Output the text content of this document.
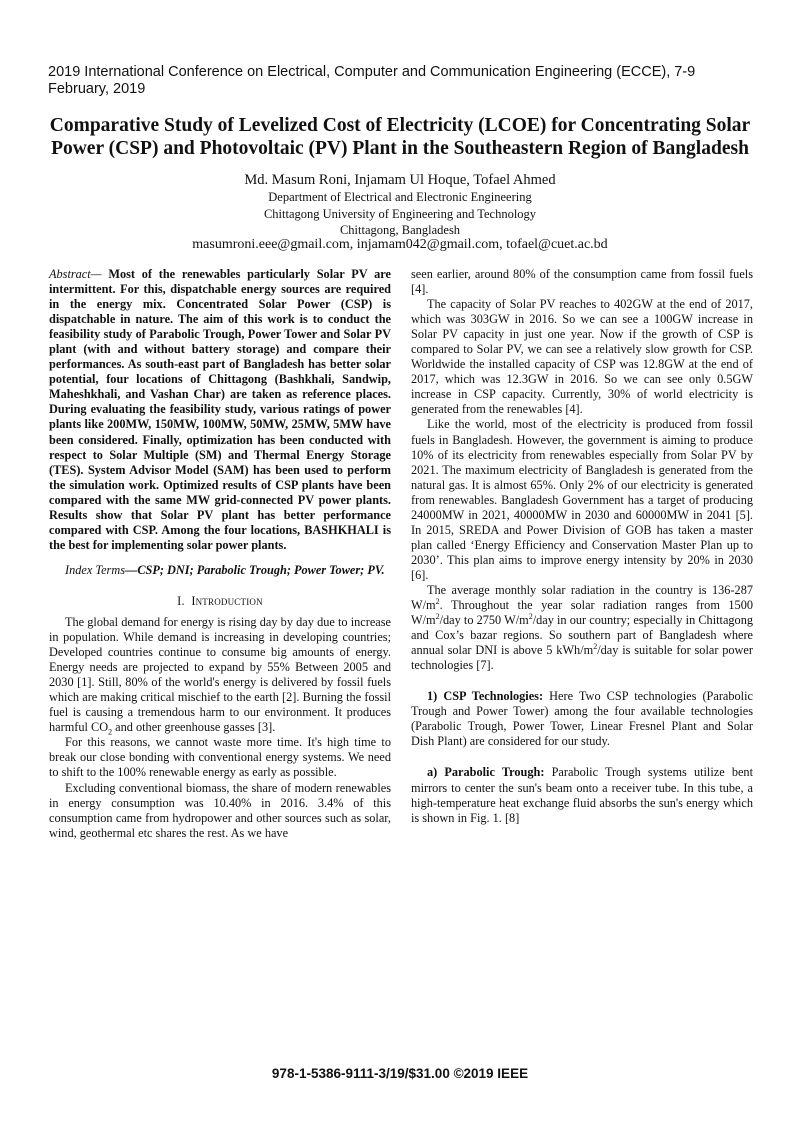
2019 International Conference on Electrical, Computer and Communication Engineering (ECCE), 7-9 February, 2019
Comparative Study of Levelized Cost of Electricity (LCOE) for Concentrating Solar Power (CSP) and Photovoltaic (PV) Plant in the Southeastern Region of Bangladesh
Md. Masum Roni, Injamam Ul Hoque, Tofael Ahmed
Department of Electrical and Electronic Engineering
Chittagong University of Engineering and Technology
Chittagong, Bangladesh
masumroni.eee@gmail.com, injamam042@gmail.com, tofael@cuet.ac.bd

Abstract— Most of the renewables particularly Solar PV are intermittent. For this, dispatchable energy sources are required in the energy mix. Concentrated Solar Power (CSP) is dispatchable in nature. The aim of this work is to conduct the feasibility study of Parabolic Trough, Power Tower and Solar PV plant (with and without battery storage) and compare their performances. As south-east part of Bangladesh has better solar potential, four locations of Chittagong (Bashkhali, Sandwip, Maheshkhali, and Vashan Char) are taken as reference places. During evaluating the feasibility study, various ratings of power plants like 200MW, 150MW, 100MW, 50MW, 25MW, 5MW have been considered. Finally, optimization has been conducted with respect to Solar Multiple (SM) and Thermal Energy Storage (TES). System Advisor Model (SAM) has been used to perform the simulation work. Optimized results of CSP plants have been compared with the same MW grid-connected PV power plants. Results show that Solar PV plant has better performance compared with CSP. Among the four locations, BASHKHALI is the best for implementing solar power plants.

Index Terms—CSP; DNI; Parabolic Trough; Power Tower; PV.

I. Introduction

The global demand for energy is rising day by day due to increase in population. While demand is increasing in developing countries; Developed countries continue to consume big amounts of energy. Energy needs are projected to expand by 55% Between 2005 and 2030 [1]. Still, 80% of the world's energy is delivered by fossil fuels which are making critical mischief to the earth [2]. Burning the fossil fuel is causing a tremendous harm to our environment. It produces harmful $CO_2$ and other greenhouse gasses [3].

For this reasons, we cannot waste more time. It's high time to break our close bonding with conventional energy systems. We need to shift to the 100% renewable energy as early as possible.

Excluding conventional biomass, the share of modern renewables in energy consumption was 10.40% in 2016. 3.4% of this consumption came from hydropower and other sources such as solar, wind, geothermal etc shares the rest. As we have

seen earlier, around 80% of the consumption came from fossil fuels [4].

The capacity of Solar PV reaches to 402GW at the end of 2017, which was 303GW in 2016. So we can see a 100GW increase in Solar PV capacity in just one year. Now if the growth of CSP is compared to Solar PV, we can see a relatively slow growth for CSP. Worldwide the installed capacity of CSP was 12.8GW at the end of 2017, which was 12.3GW in 2016. So we can see only 0.5GW increase in CSP capacity. Currently, 30% of world electricity is generated from the renewables [4].

Like the world, most of the electricity is produced from fossil fuels in Bangladesh. However, the government is aiming to produce 10% of its electricity from renewables especially from Solar PV by 2021. The maximum electricity of Bangladesh is generated from the natural gas. It is almost 65%. Only 2% of our electricity is generated from renewables. Bangladesh Government has a target of producing 24000MW in 2021, 40000MW in 2030 and 60000MW in 2041 [5]. In 2015, SREDA and Power Division of GOB has taken a master plan called ‘Energy Efficiency and Conservation Master Plan up to 2030’. This plan aims to improve energy intensity by 20% in 2030 [6].

The average monthly solar radiation in the country is 136-287 $W/m^2$. Throughout the year solar radiation ranges from 1500 $W/m^2$/day to 2750 $W/m^2$/day in our country; especially in Chittagong and Cox’s bazar regions. So southern part of Bangladesh where annual solar DNI is above 5 kWh/$m^2$/day is suitable for solar power technologies [7].

1) CSP Technologies: Here Two CSP technologies (Parabolic Trough and Power Tower) among the four available technologies (Parabolic Trough, Power Tower, Linear Fresnel Plant and Solar Dish Plant) are considered for our study.

a) Parabolic Trough: Parabolic Trough systems utilize bent mirrors to center the sun's beam onto a receiver tube. In this tube, a high-temperature heat exchange fluid absorbs the sun's energy which is shown in Fig. 1. [8]

978-1-5386-9111-3/19/$31.00 ©2019 IEEE
